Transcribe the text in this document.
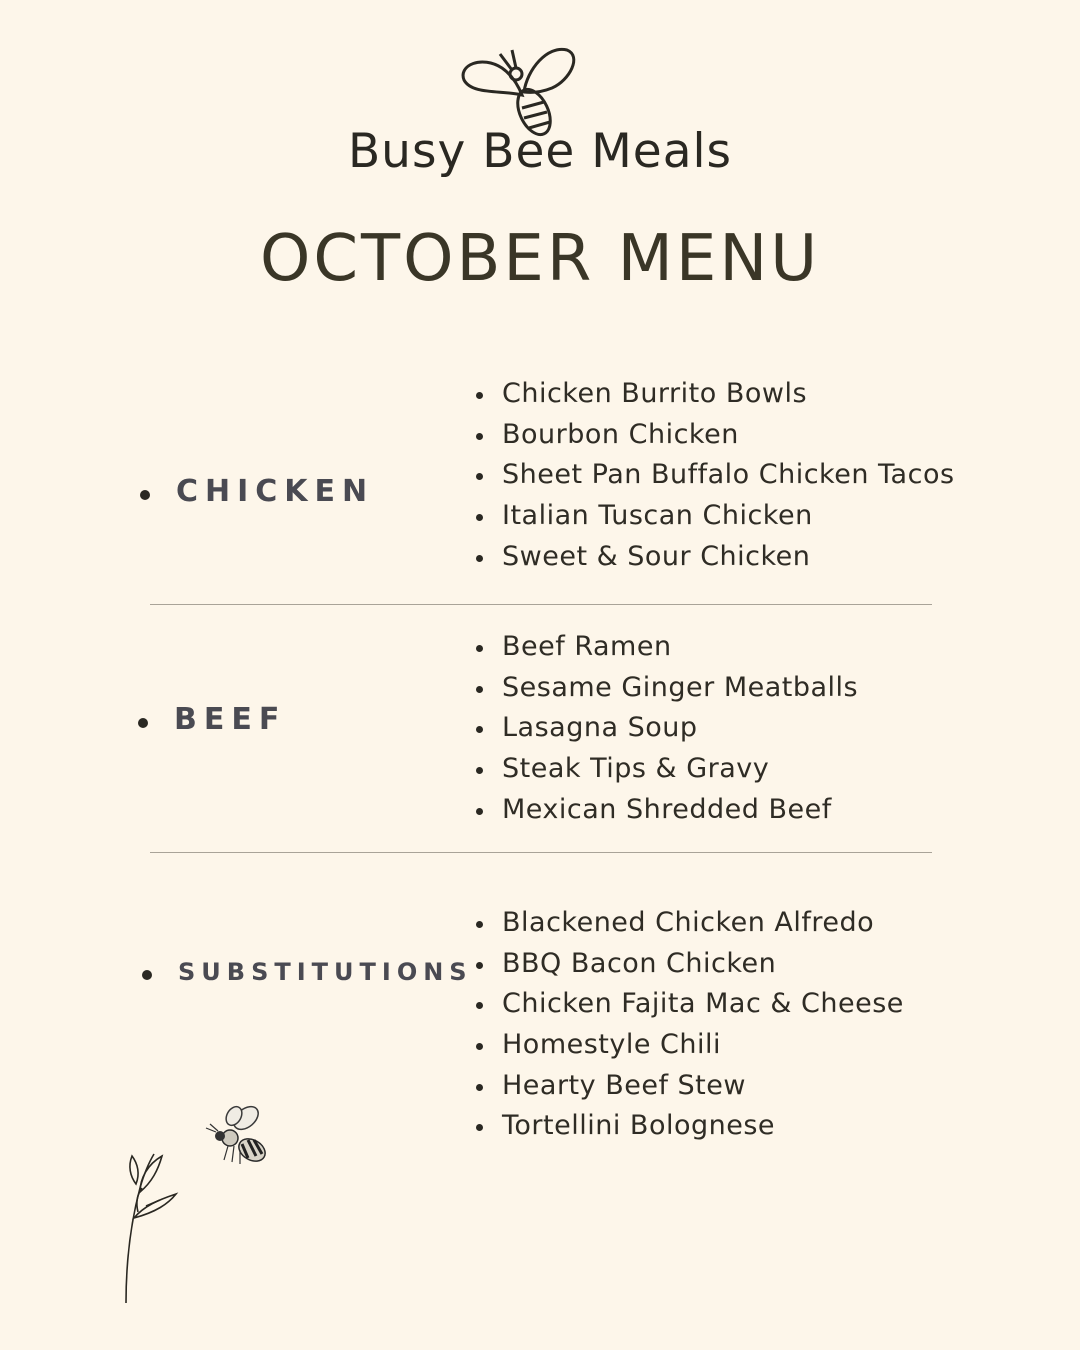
Busy Bee Meals
OCTOBER MENU
CHICKEN
Chicken Burrito Bowls
Bourbon Chicken
Sheet Pan Buffalo Chicken Tacos
Italian Tuscan Chicken
Sweet & Sour Chicken
BEEF
Beef Ramen
Sesame Ginger Meatballs
Lasagna Soup
Steak Tips & Gravy
Mexican Shredded Beef
SUBSTITUTIONS
Blackened Chicken Alfredo
BBQ Bacon Chicken
Chicken Fajita Mac & Cheese
Homestyle Chili
Hearty Beef Stew
Tortellini Bolognese
